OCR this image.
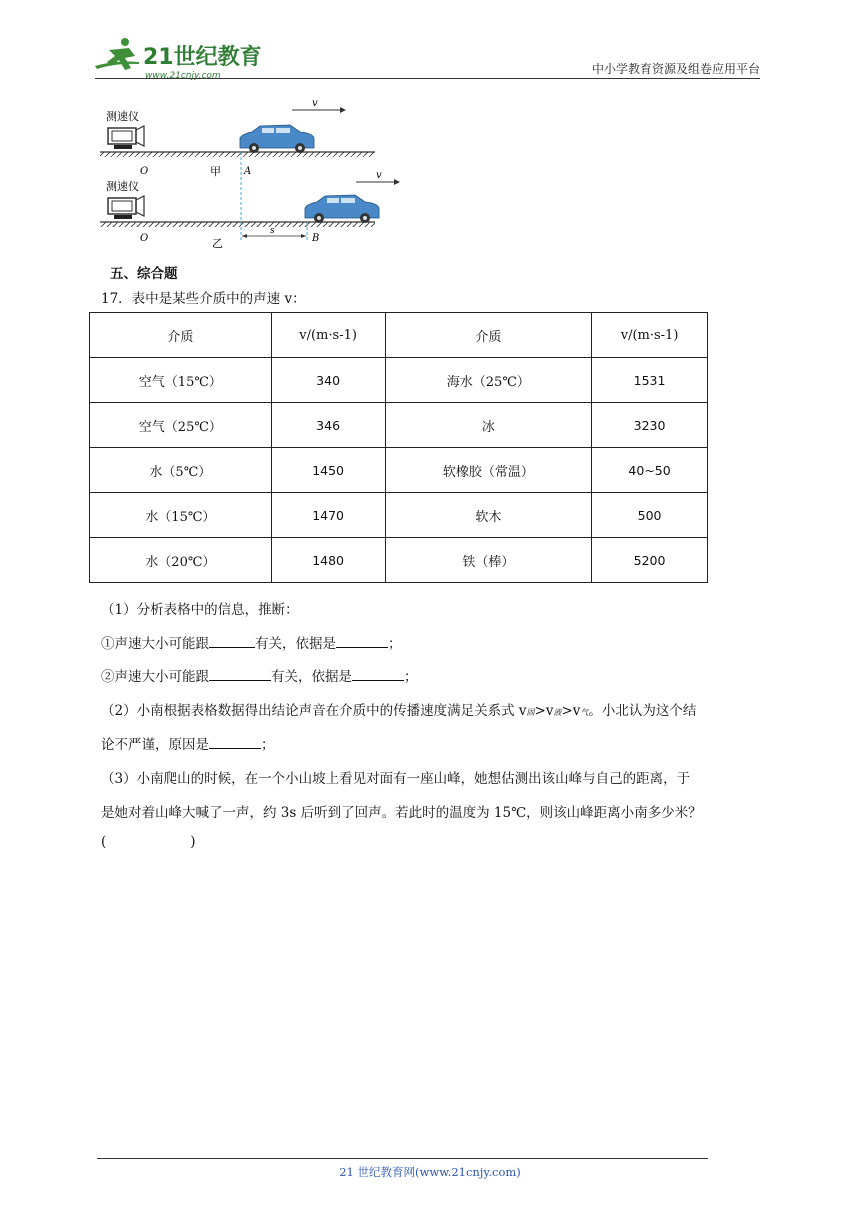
21世纪教育
www.21cnjy.com	中小学教育资源及组卷应用平台
测速仪
O	甲 A
v
测速仪
O	乙	B
v
s
五、综合题
17．表中是某些介质中的声速 v：
介质	v/(m·s-1)	介质	v/(m·s-1)
空气（15℃）	340	海水（25℃）	1531
空气（25℃）	346	冰	3230
水（5℃）	1450	软橡胶（常温）	40~50
水（15℃）	1470	软木	500
水（20℃）	1480	铁（棒）	5200
（1）分析表格中的信息，推断：
①声速大小可能跟	有关，依据是	；
②声速大小可能跟	有关，依据是	；
（2）小南根据表格数据得出结论声音在介质中的传播速度满足关系式 v固>v液>v气。小北认为这个结
论不严谨，原因是	；
（3）小南爬山的时候，在一个小山坡上看见对面有一座山峰，她想估测出该山峰与自己的距离，于
是她对着山峰大喊了一声，约 3s 后听到了回声。若此时的温度为 15℃，则该山峰距离小南多少米？
(	)
21 世纪教育网(www.21cnjy.com)
